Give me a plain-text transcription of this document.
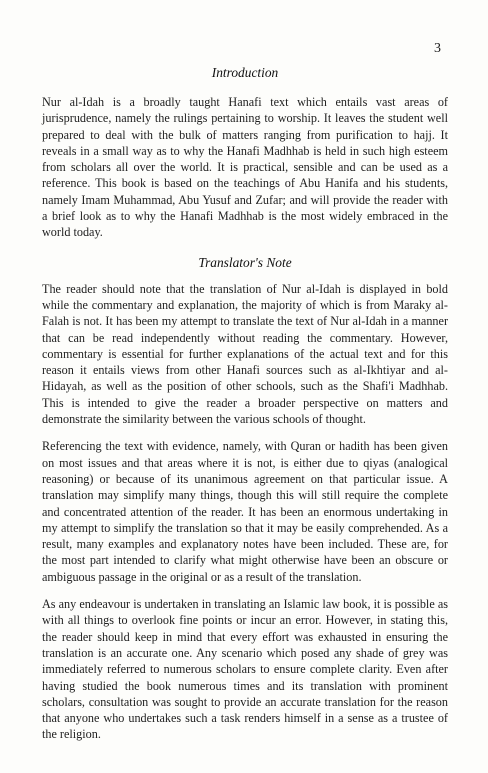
3
Introduction

Nur al-Idah is a broadly taught Hanafi text which entails vast areas of jurisprudence, namely the rulings pertaining to worship. It leaves the student well prepared to deal with the bulk of matters ranging from purification to hajj. It reveals in a small way as to why the Hanafi Madhhab is held in such high esteem from scholars all over the world. It is practical, sensible and can be used as a reference. This book is based on the teachings of Abu Hanifa and his students, namely Imam Muhammad, Abu Yusuf and Zufar; and will provide the reader with a brief look as to why the Hanafi Madhhab is the most widely embraced in the world today.

Translator's Note

The reader should note that the translation of Nur al-Idah is displayed in bold while the commentary and explanation, the majority of which is from Maraky al-Falah is not. It has been my attempt to translate the text of Nur al-Idah in a manner that can be read independently without reading the commentary. However, commentary is essential for further explanations of the actual text and for this reason it entails views from other Hanafi sources such as al-Ikhtiyar and al-Hidayah, as well as the position of other schools, such as the Shafi'i Madhhab. This is intended to give the reader a broader perspective on matters and demonstrate the similarity between the various schools of thought.

Referencing the text with evidence, namely, with Quran or hadith has been given on most issues and that areas where it is not, is either due to qiyas (analogical reasoning) or because of its unanimous agreement on that particular issue. A translation may simplify many things, though this will still require the complete and concentrated attention of the reader. It has been an enormous undertaking in my attempt to simplify the translation so that it may be easily comprehended. As a result, many examples and explanatory notes have been included. These are, for the most part intended to clarify what might otherwise have been an obscure or ambiguous passage in the original or as a result of the translation.

As any endeavour is undertaken in translating an Islamic law book, it is possible as with all things to overlook fine points or incur an error. However, in stating this, the reader should keep in mind that every effort was exhausted in ensuring the translation is an accurate one. Any scenario which posed any shade of grey was immediately referred to numerous scholars to ensure complete clarity. Even after having studied the book numerous times and its translation with prominent scholars, consultation was sought to provide an accurate translation for the reason that anyone who undertakes such a task renders himself in a sense as a trustee of the religion.
